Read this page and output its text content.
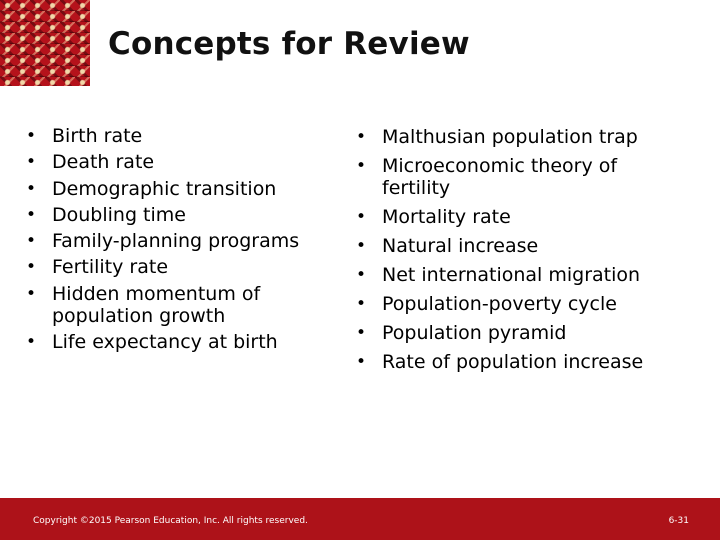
Concepts for Review
• Birth rate
• Death rate
• Demographic transition
• Doubling time
• Family-planning programs
• Fertility rate
• Hidden momentum of population growth
• Life expectancy at birth
• Malthusian population trap
• Microeconomic theory of fertility
• Mortality rate
• Natural increase
• Net international migration
• Population-poverty cycle
• Population pyramid
• Rate of population increase
Copyright ©2015 Pearson Education, Inc. All rights reserved.	6-31
